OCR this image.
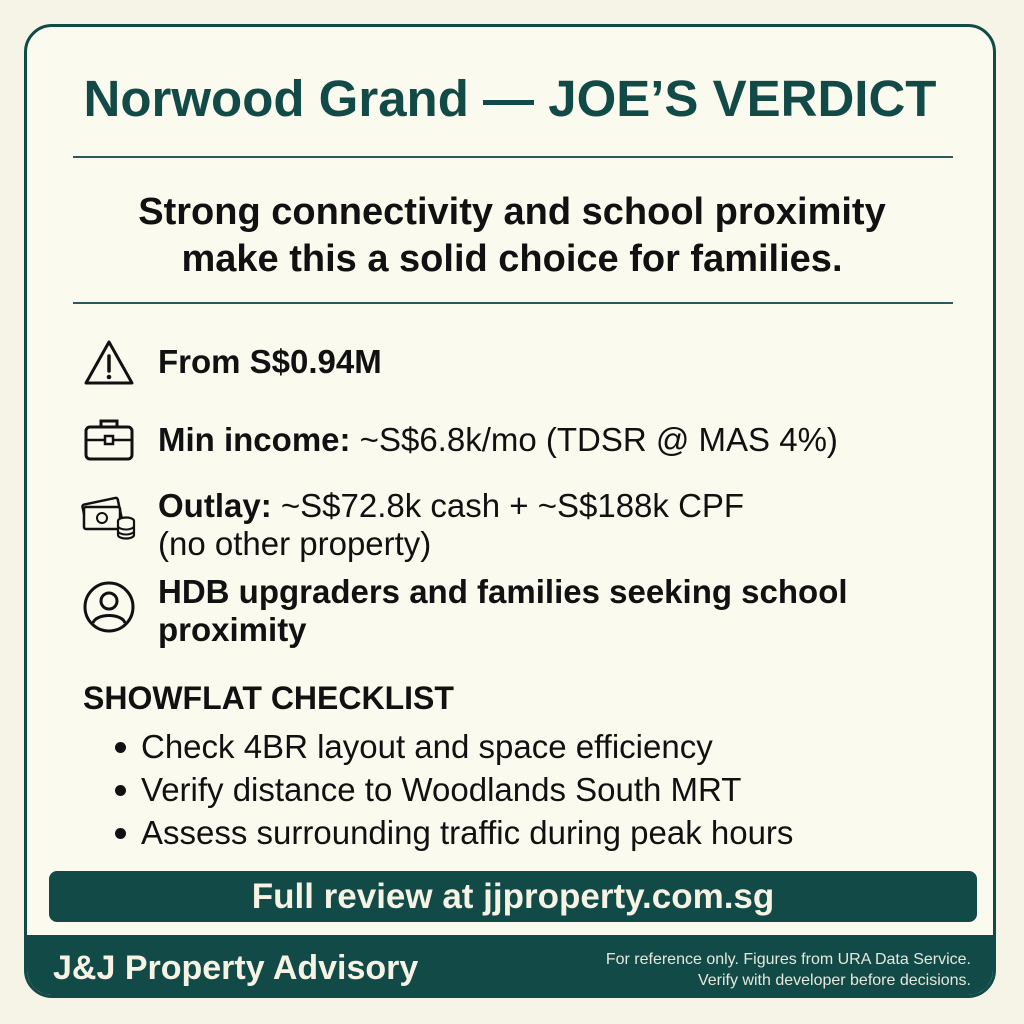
Norwood Grand — JOE’S VERDICT
Strong connectivity and school proximity
make this a solid choice for families.
From S$0.94M
Min income: ~S$6.8k/mo (TDSR @ MAS 4%)
Outlay: ~S$72.8k cash + ~S$188k CPF
(no other property)
HDB upgraders and families seeking school proximity
SHOWFLAT CHECKLIST
Check 4BR layout and space efficiency
Verify distance to Woodlands South MRT
Assess surrounding traffic during peak hours
Full review at jjproperty.com.sg
J&J Property Advisory	For reference only. Figures from URA Data Service.
Verify with developer before decisions.
